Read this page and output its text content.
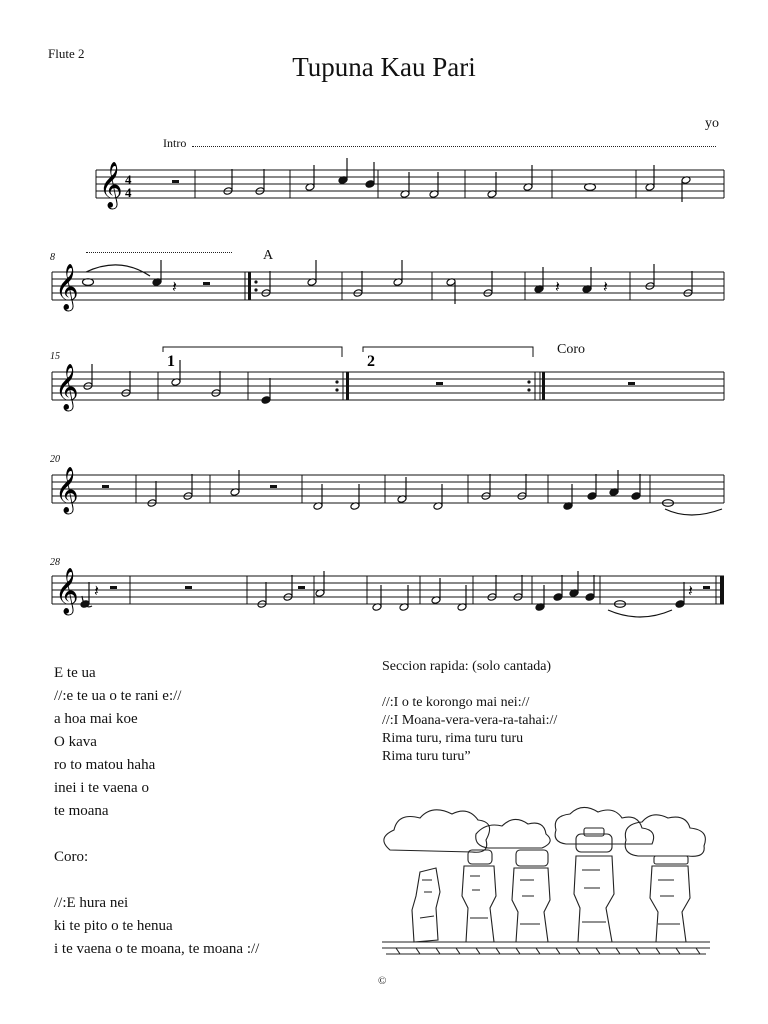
Flute 2	Tupuna Kau Pari
yo
Intro
A
Coro
8
15
20
28
𝄞 4
4
𝄞	𝄽	𝄽	𝄽
1	2
𝄞
𝄞
𝄞 𝄽	𝄽
E te ua
//:e te ua o te rani e://
a hoa mai koe
O kava
ro to matou haha
inei i te vaena o
te moana
Coro:
//:E hura nei
ki te pito o te henua
i te vaena o te moana, te moana ://
Seccion rapida: (solo cantada)
//:I o te korongo mai nei://
//:I Moana-vera-vera-ra-tahai://
Rima turu, rima turu turu
Rima turu turu”
©
